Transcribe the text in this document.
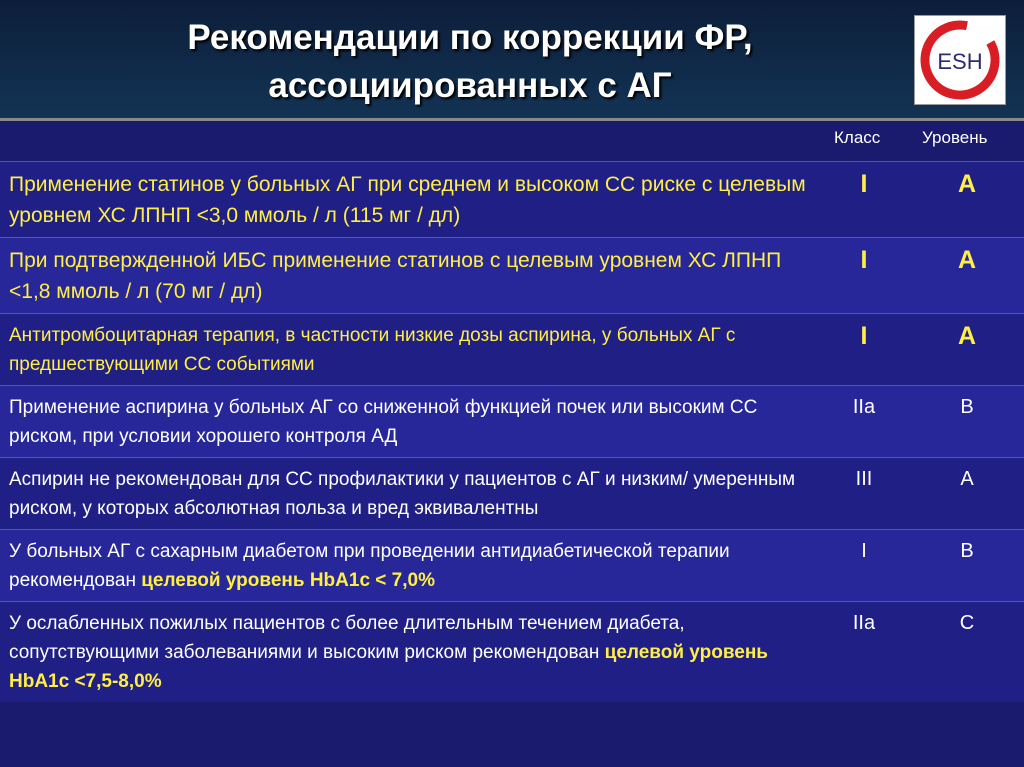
Рекомендации по коррекции ФР,
ассоциированных с АГ
ESH
Класс Уровень
Применение статинов у больных АГ при среднем и высоком СС риске с целевым уровнем ХС ЛПНП <3,0 ммоль / л (115 мг / дл)
I	A
При подтвержденной ИБС применение статинов с целевым уровнем ХС ЛПНП <1,8 ммоль / л (70 мг / дл)
I	A
Антитромбоцитарная терапия, в частности низкие дозы аспирина, у больных АГ с предшествующими СС событиями
I	A
Применение аспирина у больных АГ со сниженной функцией почек или высоким СС риском, при условии хорошего контроля АД
IIa	B
Аспирин не рекомендован для СС профилактики у пациентов с АГ и низким/ умеренным риском, у которых абсолютная польза и вред эквивалентны
III	A
У больных АГ с сахарным диабетом при проведении антидиабетической терапии рекомендован целевой уровень HbA1c < 7,0%
I	B
У ослабленных пожилых пациентов с более длительным течением диабета, сопутствующими заболеваниями и высоким риском рекомендован целевой уровень HbA1c <7,5-8,0%
IIa	C
